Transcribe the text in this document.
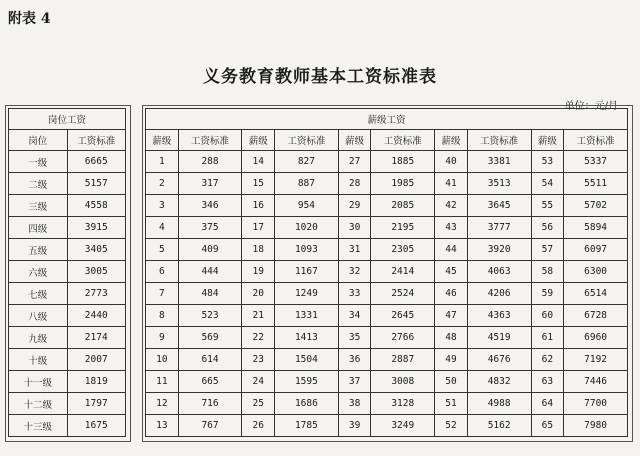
附表 4
义务教育教师基本工资标准表
单位：元/月
岗位工资	
岗位	工资标准
一级	6665
二级	5157
三级	4558
四级	3915
五级	3405
六级	3005
七级	2773
八级	2440
九级	2174
十级	2007
十一级	1819
十二级	1797
十三级	1675
薪级工资									
薪级	工资标准	薪级	工资标准	薪级	工资标准	薪级	工资标准	薪级	工资标准
1	288	14	827	27	1885	40	3381	53	5337
2	317	15	887	28	1985	41	3513	54	5511
3	346	16	954	29	2085	42	3645	55	5702
4	375	17	1020	30	2195	43	3777	56	5894
5	409	18	1093	31	2305	44	3920	57	6097
6	444	19	1167	32	2414	45	4063	58	6300
7	484	20	1249	33	2524	46	4206	59	6514
8	523	21	1331	34	2645	47	4363	60	6728
9	569	22	1413	35	2766	48	4519	61	6960
10	614	23	1504	36	2887	49	4676	62	7192
11	665	24	1595	37	3008	50	4832	63	7446
12	716	25	1686	38	3128	51	4988	64	7700
13	767	26	1785	39	3249	52	5162	65	7980
